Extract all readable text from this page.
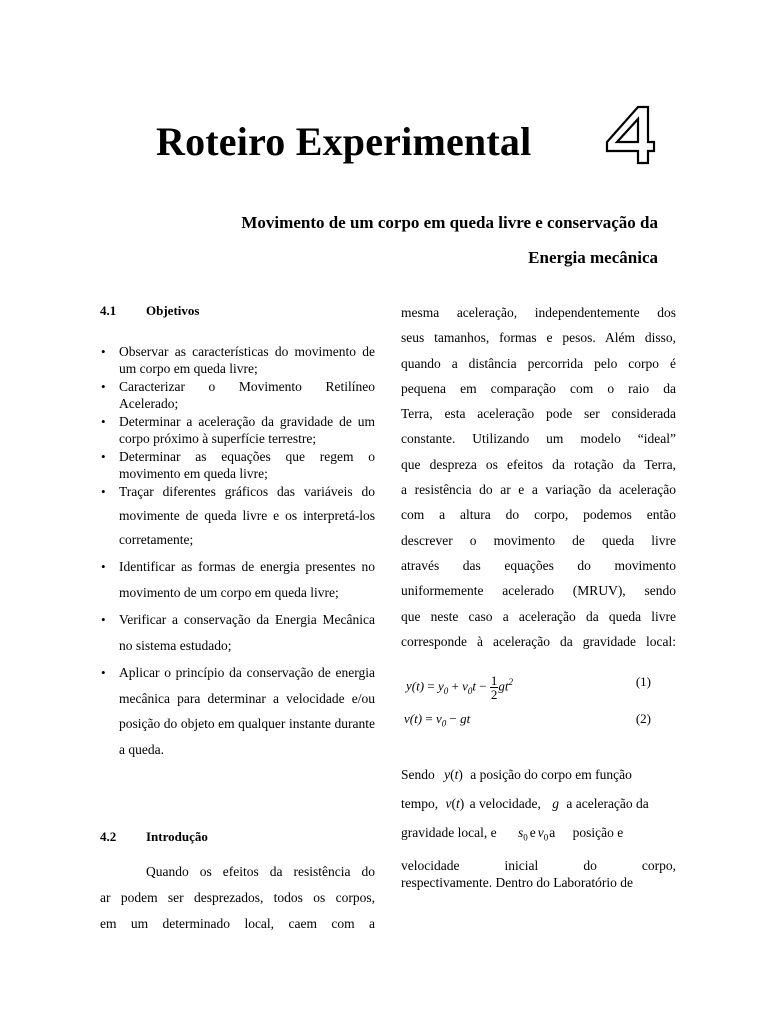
Roteiro Experimental
Movimento de um corpo em queda livre e conservação da
Energia mecânica
4.1 Objetivos
• Observar as características do movimento de um corpo em queda livre;
• Caracterizar o Movimento Retilíneo Acelerado;
• Determinar a aceleração da gravidade de um corpo próximo à superfície terrestre;
• Determinar as equações que regem o movimento em queda livre;
• Traçar diferentes gráficos das variáveis do movimente de queda livre e os interpretá-los corretamente;
• Identificar as formas de energia presentes no movimento de um corpo em queda livre;
• Verificar a conservação da Energia Mecânica no sistema estudado;
• Aplicar o princípio da conservação de energia mecânica para determinar a velocidade e/ou posição do objeto em qualquer instante durante a queda.
4.2 Introdução
Quando os efeitos da resistência do
ar podem ser desprezados, todos os corpos,
em um determinado local, caem com a
mesma aceleração, independentemente dos
seus tamanhos, formas e pesos. Além disso,
quando a distância percorrida pelo corpo é
pequena em comparação com o raio da
Terra, esta aceleração pode ser considerada
constante. Utilizando um modelo “ideal”
que despreza os efeitos da rotação da Terra,
a resistência do ar e a variação da aceleração
com a altura do corpo, podemos então
descrever o movimento de queda livre
através das equações do movimento
uniformemente acelerado (MRUV), sendo
que neste caso a aceleração da queda livre
corresponde à aceleração da gravidade local:
$y(t) = y_0 + v_0t - \frac{1}{2} gt^2$	(1)
$v(t) = v_0$ − gt	(2)
Sendo y(t) a posição do corpo em função
tempo, v(t) a velocidade, g a aceleração da
gravidade local, e $s_0$ e $v_0a$ posição e
velocidade	inicial	do	corpo,
respectivamente. Dentro do Laboratório de
